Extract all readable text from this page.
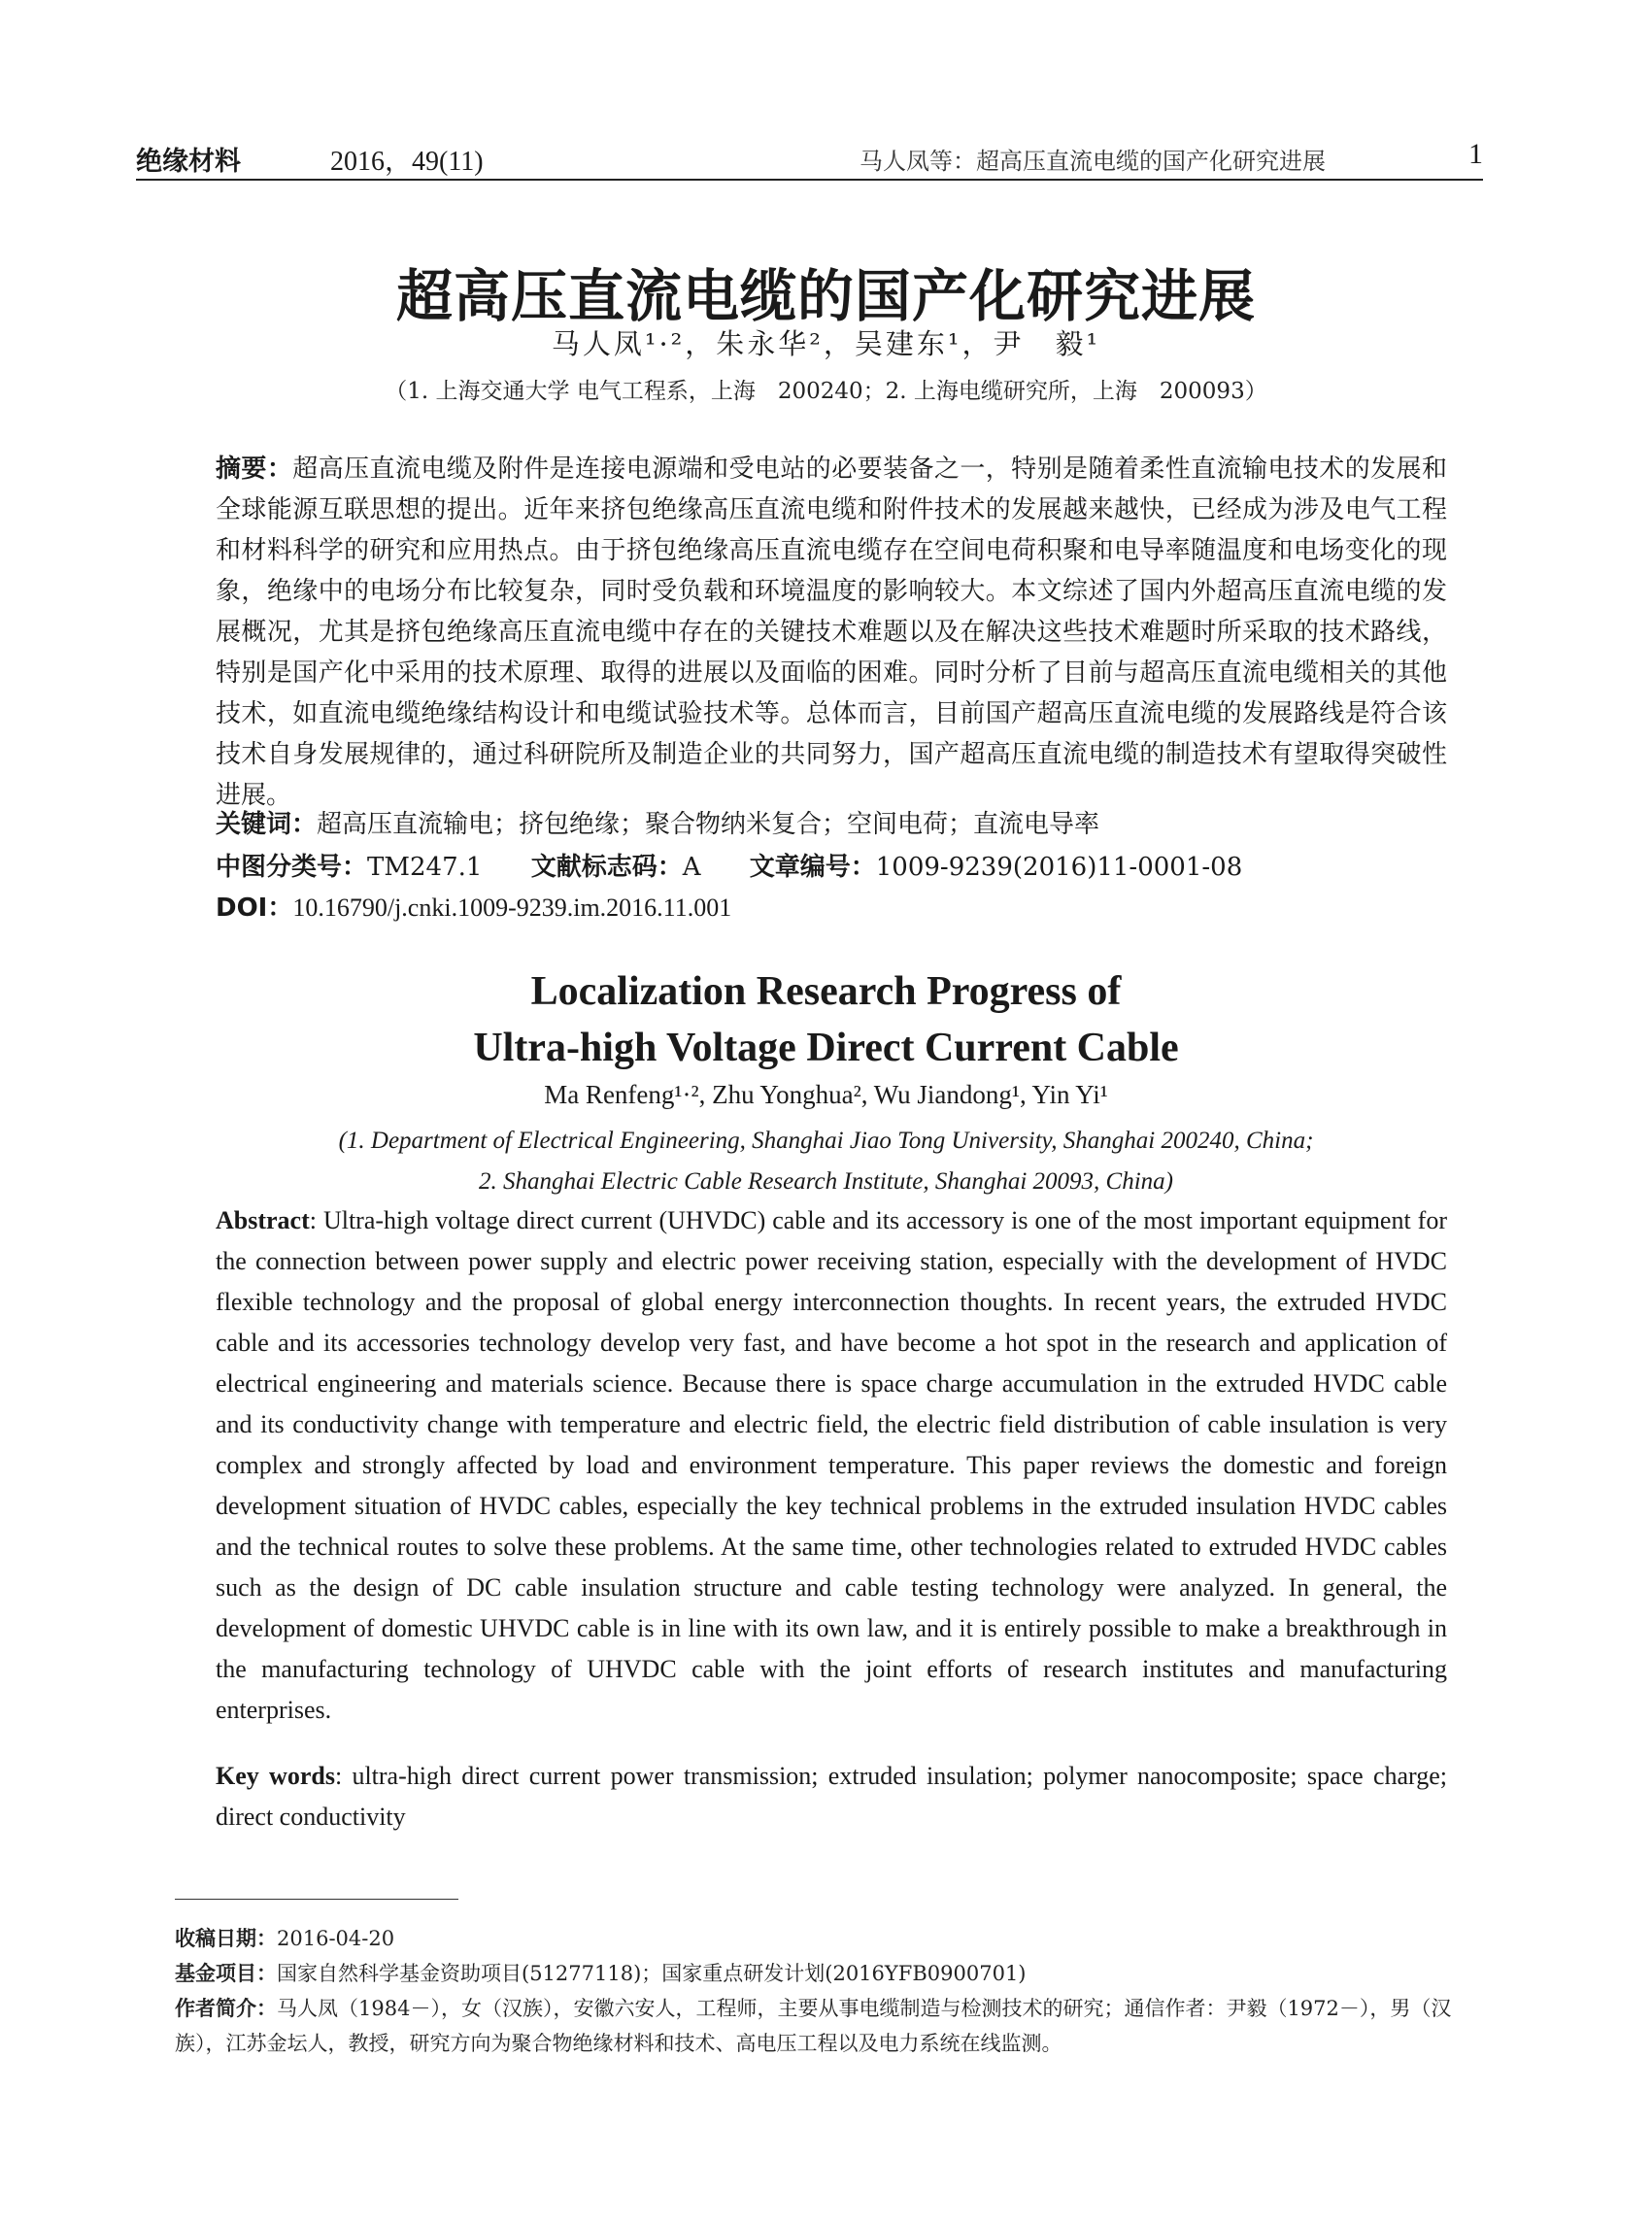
绝缘材料	2016，49(11)	马人凤等：超高压直流电缆的国产化研究进展	1
超高压直流电缆的国产化研究进展
马人凤¹·²，朱永华²，吴建东¹，尹　毅¹
（1. 上海交通大学 电气工程系，上海　200240；2. 上海电缆研究所，上海　200093）
摘要：超高压直流电缆及附件是连接电源端和受电站的必要装备之一，特别是随着柔性直流输电技术的发展和全球能源互联思想的提出。近年来挤包绝缘高压直流电缆和附件技术的发展越来越快，已经成为涉及电气工程和材料科学的研究和应用热点。由于挤包绝缘高压直流电缆存在空间电荷积聚和电导率随温度和电场变化的现象，绝缘中的电场分布比较复杂，同时受负载和环境温度的影响较大。本文综述了国内外超高压直流电缆的发展概况，尤其是挤包绝缘高压直流电缆中存在的关键技术难题以及在解决这些技术难题时所采取的技术路线，特别是国产化中采用的技术原理、取得的进展以及面临的困难。同时分析了目前与超高压直流电缆相关的其他技术，如直流电缆绝缘结构设计和电缆试验技术等。总体而言，目前国产超高压直流电缆的发展路线是符合该技术自身发展规律的，通过科研院所及制造企业的共同努力，国产超高压直流电缆的制造技术有望取得突破性进展。
关键词：超高压直流输电；挤包绝缘；聚合物纳米复合；空间电荷；直流电导率
中图分类号：TM247.1 文献标志码：A 文章编号：1009-9239(2016)11-0001-08
DOI：10.16790/j.cnki.1009-9239.im.2016.11.001
Localization Research Progress of
Ultra-high Voltage Direct Current Cable
Ma Renfeng¹·², Zhu Yonghua², Wu Jiandong¹, Yin Yi¹
(1. Department of Electrical Engineering, Shanghai Jiao Tong University, Shanghai 200240, China;
2. Shanghai Electric Cable Research Institute, Shanghai 20093, China)
Abstract: Ultra-high voltage direct current (UHVDC) cable and its accessory is one of the most important equipment for the connection between power supply and electric power receiving station, especially with the development of HVDC flexible technology and the proposal of global energy interconnection thoughts. In recent years, the extruded HVDC cable and its accessories technology develop very fast, and have become a hot spot in the research and application of electrical engineering and materials science. Because there is space charge accumulation in the extruded HVDC cable and its conductivity change with temperature and electric field, the electric field distribution of cable insulation is very complex and strongly affected by load and environment temperature. This paper reviews the domestic and foreign development situation of HVDC cables, especially the key technical problems in the extruded insulation HVDC cables and the technical routes to solve these problems. At the same time, other technologies related to extruded HVDC cables such as the design of DC cable insulation structure and cable testing technology were analyzed. In general, the development of domestic UHVDC cable is in line with its own law, and it is entirely possible to make a breakthrough in the manufacturing technology of UHVDC cable with the joint efforts of research institutes and manufacturing enterprises.
Key words: ultra-high direct current power transmission; extruded insulation; polymer nanocomposite; space charge; direct conductivity

收稿日期：2016-04-20

基金项目：国家自然科学基金资助项目(51277118)；国家重点研发计划(2016YFB0900701)

作者简介：马人凤（1984－），女（汉族），安徽六安人，工程师，主要从事电缆制造与检测技术的研究；通信作者：尹毅（1972－），男（汉族），江苏金坛人，教授，研究方向为聚合物绝缘材料和技术、高电压工程以及电力系统在线监测。
